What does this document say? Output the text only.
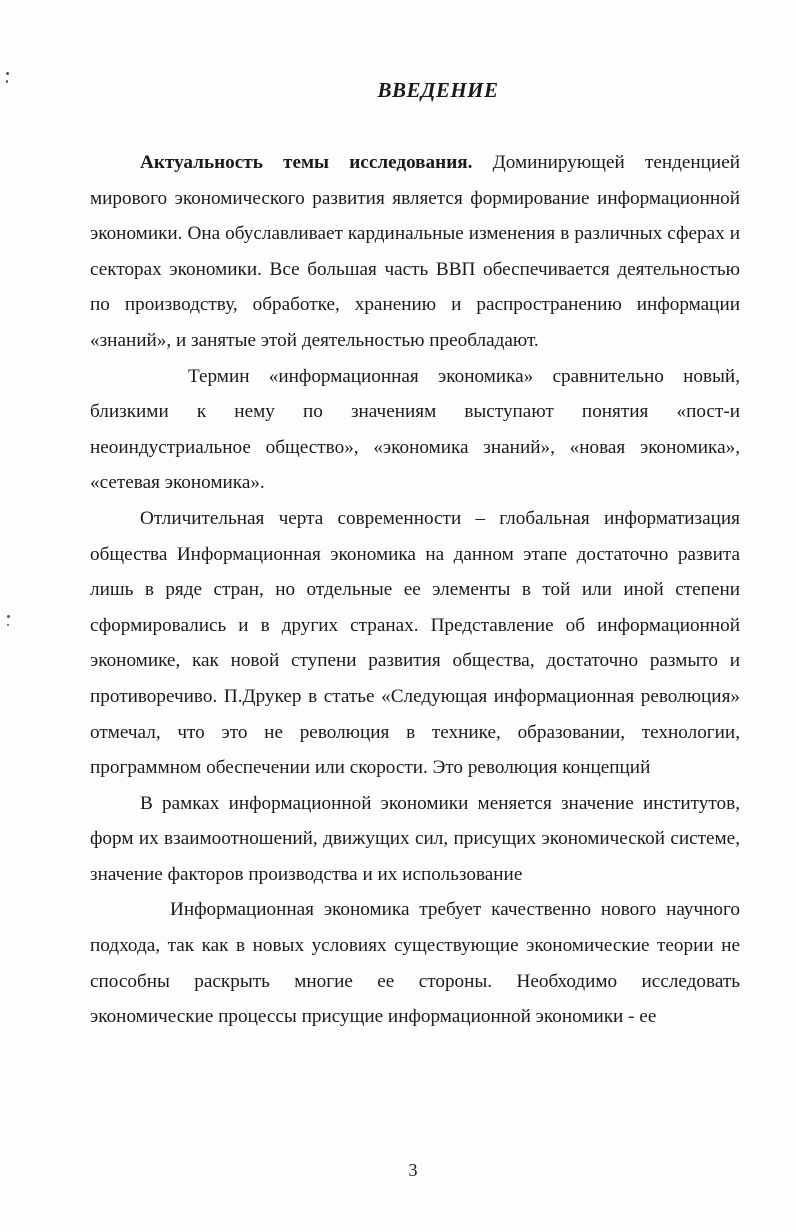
ВВЕДЕНИЕ

Актуальность темы исследования. Доминирующей тенденцией мирового экономического развития является формирование информационной экономики. Она обуславливает кардинальные изменения в различных сферах и секторах экономики. Все большая часть ВВП обеспечивается деятельностью по производству, обработке, хранению и распространению информации «знаний», и занятые этой деятельностью преобладают.

Термин «информационная экономика» сравнительно новый, близкими к нему по значениям выступают понятия «пост-и неоиндустриальное общество», «экономика знаний», «новая экономика», «сетевая экономика».

Отличительная черта современности – глобальная информатизация общества Информационная экономика на данном этапе достаточно развита лишь в ряде стран, но отдельные ее элементы в той или иной степени сформировались и в других странах. Представление об информационной экономике, как новой ступени развития общества, достаточно размыто и противоречиво. П.Друкер в статье «Следующая информационная революция» отмечал, что это не революция в технике, образовании, технологии, программном обеспечении или скорости. Это революция концепций

В рамках информационной экономики меняется значение институтов, форм их взаимоотношений, движущих сил, присущих экономической системе, значение факторов производства и их использование

Информационная экономика требует качественно нового научного подхода, так как в новых условиях существующие экономические теории не способны раскрыть многие ее стороны. Необходимо исследовать экономические процессы присущие информационной экономики - ее

3
